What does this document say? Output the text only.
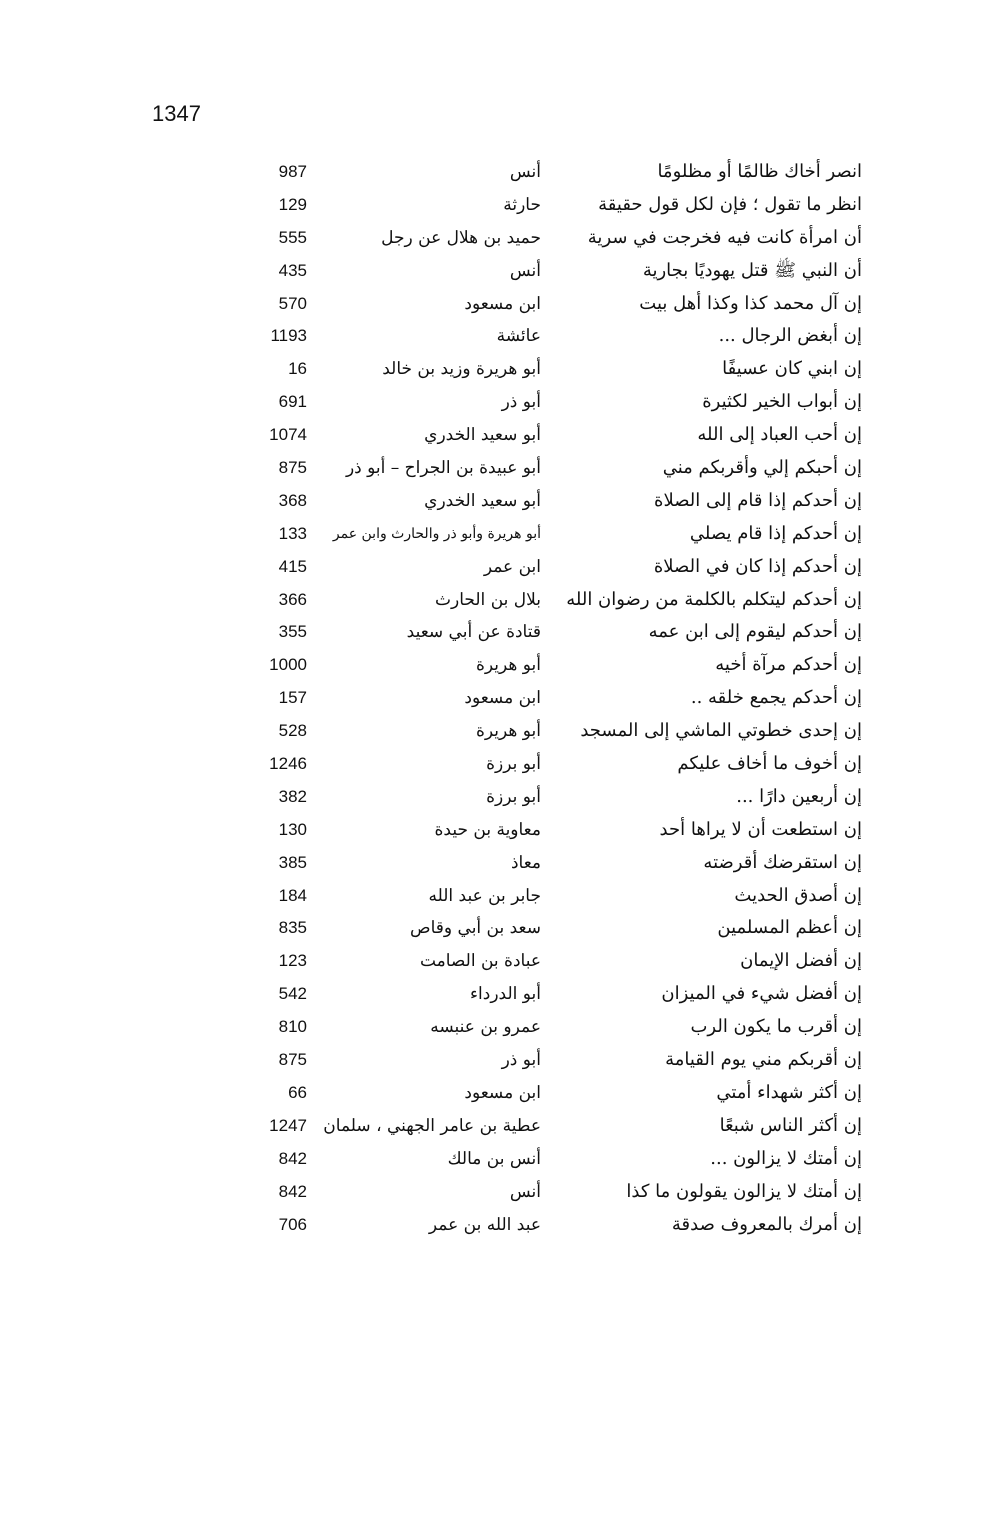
1347
انصر أخاك ظالمًا أو مظلومًا
أنس
987
انظر ما تقول ؛ فإن لكل قول حقيقة
حارثة
129
أن امرأة كانت فيه فخرجت في سرية
حميد بن هلال عن رجل
555
أن النبي ﷺ قتل يهوديًا بجارية
أنس
435
إن آل محمد كذا وكذا أهل بيت
ابن مسعود
570
إن أبغض الرجال ...
عائشة
1193
إن ابني كان عسيفًا
أبو هريرة وزيد بن خالد
16
إن أبواب الخير لكثيرة
أبو ذر
691
إن أحب العباد إلى الله
أبو سعيد الخدري
1074
إن أحبكم إلي وأقربكم مني
أبو عبيدة بن الجراح – أبو ذر
875
إن أحدكم إذا قام إلى الصلاة
أبو سعيد الخدري
368
إن أحدكم إذا قام يصلي
أبو هريرة وأبو ذر والحارث وابن عمر
133
إن أحدكم إذا كان في الصلاة
ابن عمر
415
إن أحدكم ليتكلم بالكلمة من رضوان الله
بلال بن الحارث
366
إن أحدكم ليقوم إلى ابن عمه
قتادة عن أبي سعيد
355
إن أحدكم مرآة أخيه
أبو هريرة
1000
إن أحدكم يجمع خلقه ..
ابن مسعود
157
إن إحدى خطوتي الماشي إلى المسجد
أبو هريرة
528
إن أخوف ما أخاف عليكم
أبو برزة
1246
إن أربعين دارًا ...
أبو برزة
382
إن استطعت أن لا يراها أحد
معاوية بن حيدة
130
إن استقرضك أقرضته
معاذ
385
إن أصدق الحديث
جابر بن عبد الله
184
إن أعظم المسلمين
سعد بن أبي وقاص
835
إن أفضل الإيمان
عبادة بن الصامت
123
إن أفضل شيء في الميزان
أبو الدرداء
542
إن أقرب ما يكون الرب
عمرو بن عنبسه
810
إن أقربكم مني يوم القيامة
أبو ذر
875
إن أكثر شهداء أمتي
ابن مسعود
66
إن أكثر الناس شبعًا
عطية بن عامر الجهني ، سلمان
1247
إن أمتك لا يزالون ...
أنس بن مالك
842
إن أمتك لا يزالون يقولون ما كذا
أنس
842
إن أمرك بالمعروف صدقة
عبد الله بن عمر
706
